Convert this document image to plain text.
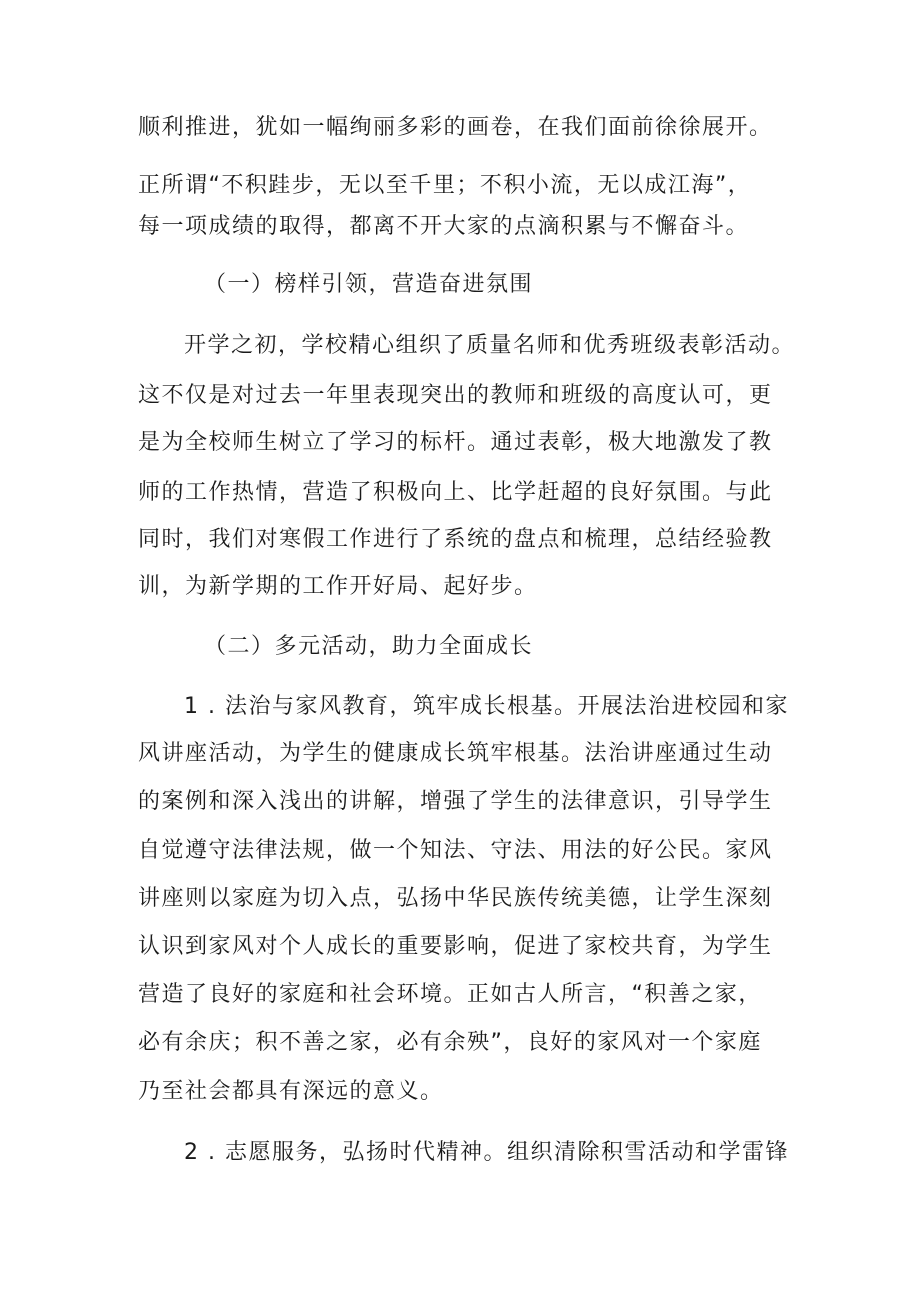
顺利推进，犹如一幅绚丽多彩的画卷，在我们面前徐徐展开。
正所谓“不积跬步，无以至千里；不积小流，无以成江海”，
每一项成绩的取得，都离不开大家的点滴积累与不懈奋斗。
（一）榜样引领，营造奋进氛围
开学之初，学校精心组织了质量名师和优秀班级表彰活动。
这不仅是对过去一年里表现突出的教师和班级的高度认可，更
是为全校师生树立了学习的标杆。通过表彰，极大地激发了教
师的工作热情，营造了积极向上、比学赶超的良好氛围。与此
同时，我们对寒假工作进行了系统的盘点和梳理，总结经验教
训，为新学期的工作开好局、起好步。
（二）多元活动，助力全面成长
1 . 法治与家风教育，筑牢成长根基。开展法治进校园和家
风讲座活动，为学生的健康成长筑牢根基。法治讲座通过生动
的案例和深入浅出的讲解，增强了学生的法律意识，引导学生
自觉遵守法律法规，做一个知法、守法、用法的好公民。家风
讲座则以家庭为切入点，弘扬中华民族传统美德，让学生深刻
认识到家风对个人成长的重要影响，促进了家校共育，为学生
营造了良好的家庭和社会环境。正如古人所言，“积善之家，
必有余庆；积不善之家，必有余殃”，良好的家风对一个家庭
乃至社会都具有深远的意义。
2 . 志愿服务，弘扬时代精神。组织清除积雪活动和学雷锋
